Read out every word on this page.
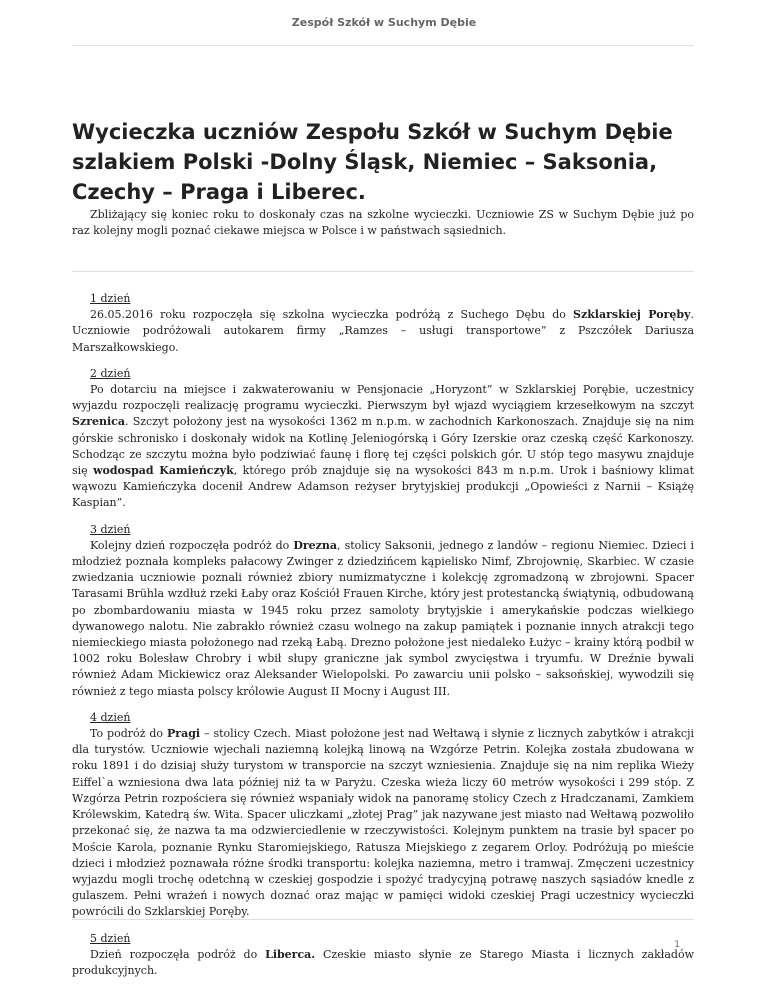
Zespół Szkół w Suchym Dębie
Wycieczka uczniów Zespołu Szkół w Suchym Dębie szlakiem Polski -Dolny Śląsk, Niemiec – Saksonia, Czechy – Praga i Liberec.

Zbliżający się koniec roku to doskonały czas na szkolne wycieczki. Uczniowie ZS w Suchym Dębie już po raz kolejny mogli poznać ciekawe miejsca w Polsce i w państwach sąsiednich.

1 dzień

26.05.2016 roku rozpoczęła się szkolna wycieczka podróżą z Suchego Dębu do Szklarskiej Poręby. Uczniowie podróżowali autokarem firmy „Ramzes – usługi transportowe” z Pszczółek Dariusza Marszałkowskiego.

2 dzień

Po dotarciu na miejsce i zakwaterowaniu w Pensjonacie „Horyzont” w Szklarskiej Porębie, uczestnicy wyjazdu rozpoczęli realizację programu wycieczki. Pierwszym był wjazd wyciągiem krzesełkowym na szczyt Szrenica. Szczyt położony jest na wysokości 1362 m n.p.m. w zachodnich Karkonoszach. Znajduje się na nim górskie schronisko i doskonały widok na Kotlinę Jeleniogórską i Góry Izerskie oraz czeską część Karkonoszy. Schodząc ze szczytu można było podziwiać faunę i florę tej części polskich gór. U stóp tego masywu znajduje się wodospad Kamieńczyk, którego prób znajduje się na wysokości 843 m n.p.m. Urok i baśniowy klimat wąwozu Kamieńczyka docenił Andrew Adamson reżyser brytyjskiej produkcji „Opowieści z Narnii – Książę Kaspian”.

3 dzień

Kolejny dzień rozpoczęła podróż do Drezna, stolicy Saksonii, jednego z landów – regionu Niemiec. Dzieci i młodzież poznała kompleks pałacowy Zwinger z dziedzińcem kąpielisko Nimf, Zbrojownię, Skarbiec. W czasie zwiedzania uczniowie poznali również zbiory numizmatyczne i kolekcję zgromadzoną w zbrojowni. Spacer Tarasami Brühla wzdłuż rzeki Łaby oraz Kościół Frauen Kirche, który jest protestancką świątynią, odbudowaną po zbombardowaniu miasta w 1945 roku przez samoloty brytyjskie i amerykańskie podczas wielkiego dywanowego nalotu. Nie zabrakło również czasu wolnego na zakup pamiątek i poznanie innych atrakcji tego niemieckiego miasta położonego nad rzeką Łabą. Drezno położone jest niedaleko Łużyc – krainy którą podbił w 1002 roku Bolesław Chrobry i wbił słupy graniczne jak symbol zwycięstwa i tryumfu. W Dreźnie bywali również Adam Mickiewicz oraz Aleksander Wielopolski. Po zawarciu unii polsko – saksońskiej, wywodzili się również z tego miasta polscy królowie August II Mocny i August III.

4 dzień

To podróż do Pragi – stolicy Czech. Miast położone jest nad Wełtawą i słynie z licznych zabytków i atrakcji dla turystów. Uczniowie wjechali naziemną kolejką linową na Wzgórze Petrin. Kolejka została zbudowana w roku 1891 i do dzisiaj służy turystom w transporcie na szczyt wzniesienia. Znajduje się na nim replika Wieży Eiffel`a wzniesiona dwa lata później niż ta w Paryżu. Czeska wieża liczy 60 metrów wysokości i 299 stóp. Z Wzgórza Petrin rozpościera się również wspaniały widok na panoramę stolicy Czech z Hradczanami, Zamkiem Królewskim, Katedrą św. Wita. Spacer uliczkami „złotej Prag” jak nazywane jest miasto nad Wełtawą pozwoliło przekonać się, że nazwa ta ma odzwierciedlenie w rzeczywistości. Kolejnym punktem na trasie był spacer po Moście Karola, poznanie Rynku Staromiejskiego, Ratusza Miejskiego z zegarem Orloy. Podróżują po mieście dzieci i młodzież poznawała różne środki transportu: kolejka naziemna, metro i tramwaj. Zmęczeni uczestnicy wyjazdu mogli trochę odetchną w czeskiej gospodzie i spożyć tradycyjną potrawę naszych sąsiadów knedle z gulaszem. Pełni wrażeń i nowych doznać oraz mając w pamięci widoki czeskiej Pragi uczestnicy wycieczki powrócili do Szklarskiej Poręby.

5 dzień

Dzień rozpoczęła podróż do Liberca. Czeskie miasto słynie ze Starego Miasta i licznych zakładów produkcyjnych.

1
